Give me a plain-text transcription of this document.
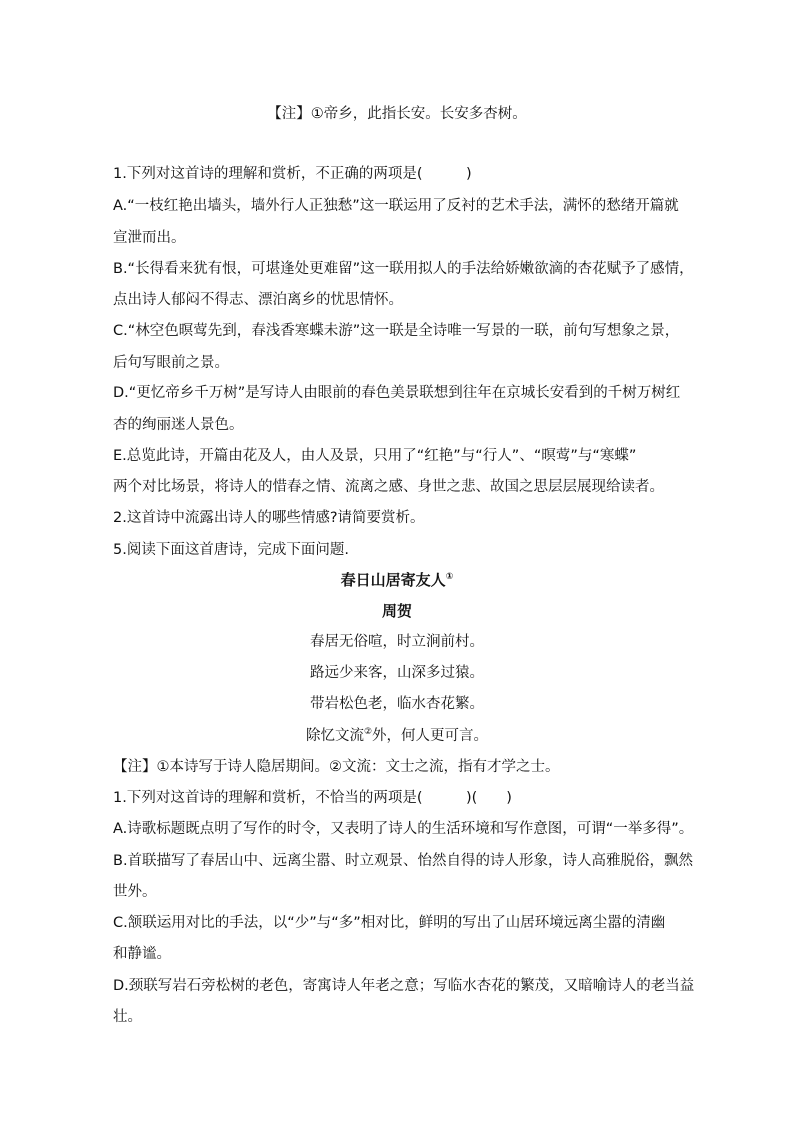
【注】①帝乡，此指长安。长安多杏树。
1.下列对这首诗的理解和赏析，不正确的两项是(　　　)
A.“一枝红艳出墙头，墙外行人正独愁”这一联运用了反衬的艺术手法，满怀的愁绪开篇就
宣泄而出。
B.“长得看来犹有恨，可堪逢处更难留”这一联用拟人的手法给娇嫩欲滴的杏花赋予了感情，
点出诗人郁闷不得志、漂泊离乡的忧思情怀。
C.“林空色暝莺先到，春浅香寒蝶未游”这一联是全诗唯一写景的一联，前句写想象之景，
后句写眼前之景。
D.“更忆帝乡千万树”是写诗人由眼前的春色美景联想到往年在京城长安看到的千树万树红
杏的绚丽迷人景色。
E.总览此诗，开篇由花及人，由人及景，只用了“红艳”与“行人”、“暝莺”与“寒蝶”
两个对比场景，将诗人的惜春之情、流离之感、身世之悲、故国之思层层展现给读者。
2.这首诗中流露出诗人的哪些情感?请简要赏析。
5.阅读下面这首唐诗，完成下面问题.
春日山居寄友人①
周贺
春居无俗喧，时立涧前村。
路远少来客，山深多过猿。
带岩松色老，临水杏花繁。
除忆文流②外，何人更可言。
【注】①本诗写于诗人隐居期间。②文流：文士之流，指有才学之士。
1.下列对这首诗的理解和赏析，不恰当的两项是(　　　)(　　)
A.诗歌标题既点明了写作的时令，又表明了诗人的生活环境和写作意图，可谓“一举多得”。
B.首联描写了春居山中、远离尘嚣、时立观景、怡然自得的诗人形象，诗人高雅脱俗，飘然
世外。
C.颔联运用对比的手法，以“少”与“多”相对比，鲜明的写出了山居环境远离尘嚣的清幽
和静谧。
D.颈联写岩石旁松树的老色，寄寓诗人年老之意；写临水杏花的繁茂，又暗喻诗人的老当益
壮。
